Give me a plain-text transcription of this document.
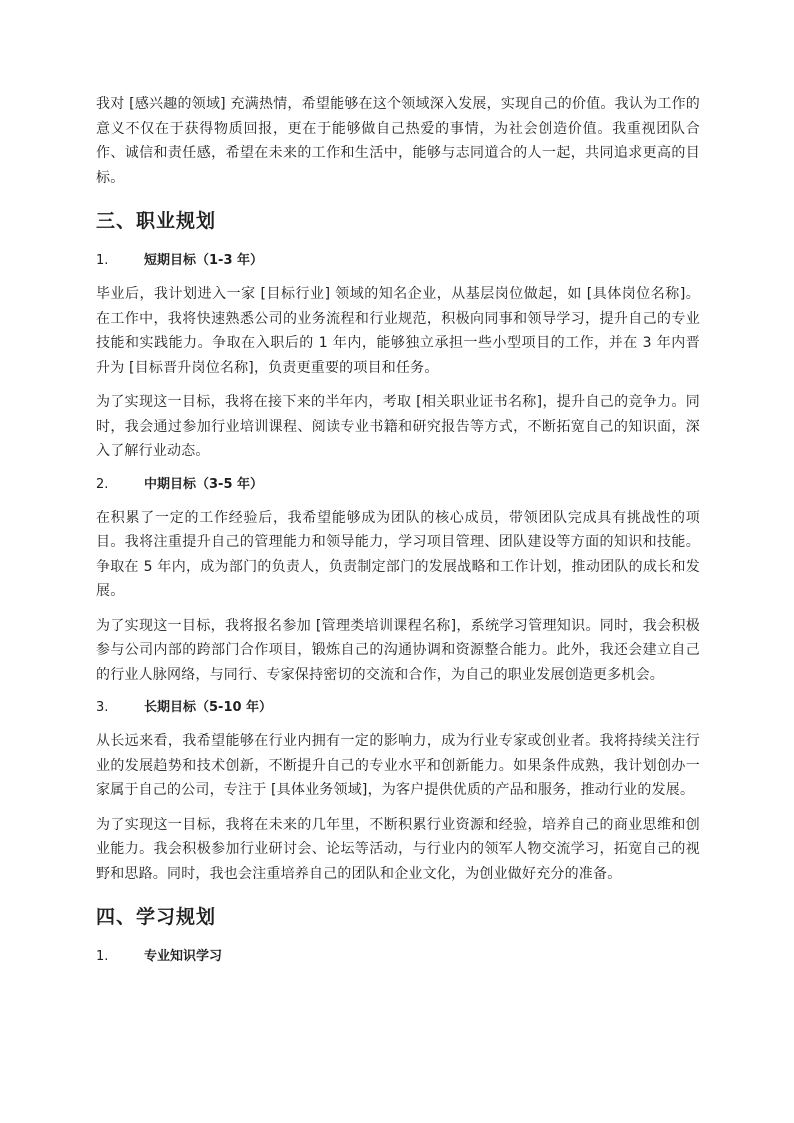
我对 [感兴趣的领域] 充满热情，希望能够在这个领域深入发展，实现自己的价值。我认为工作的意义不仅在于获得物质回报，更在于能够做自己热爱的事情，为社会创造价值。我重视团队合作、诚信和责任感，希望在未来的工作和生活中，能够与志同道合的人一起，共同追求更高的目标。

三、职业规划
1.	短期目标（1-3 年）

毕业后，我计划进入一家 [目标行业] 领域的知名企业，从基层岗位做起，如 [具体岗位名称]。在工作中，我将快速熟悉公司的业务流程和行业规范，积极向同事和领导学习，提升自己的专业技能和实践能力。争取在入职后的 1 年内，能够独立承担一些小型项目的工作，并在 3 年内晋升为 [目标晋升岗位名称]，负责更重要的项目和任务。

为了实现这一目标，我将在接下来的半年内，考取 [相关职业证书名称]，提升自己的竞争力。同时，我会通过参加行业培训课程、阅读专业书籍和研究报告等方式，不断拓宽自己的知识面，深入了解行业动态。

2.	中期目标（3-5 年）

在积累了一定的工作经验后，我希望能够成为团队的核心成员，带领团队完成具有挑战性的项目。我将注重提升自己的管理能力和领导能力，学习项目管理、团队建设等方面的知识和技能。争取在 5 年内，成为部门的负责人，负责制定部门的发展战略和工作计划，推动团队的成长和发展。

为了实现这一目标，我将报名参加 [管理类培训课程名称]，系统学习管理知识。同时，我会积极参与公司内部的跨部门合作项目，锻炼自己的沟通协调和资源整合能力。此外，我还会建立自己的行业人脉网络，与同行、专家保持密切的交流和合作，为自己的职业发展创造更多机会。

3.	长期目标（5-10 年）

从长远来看，我希望能够在行业内拥有一定的影响力，成为行业专家或创业者。我将持续关注行业的发展趋势和技术创新，不断提升自己的专业水平和创新能力。如果条件成熟，我计划创办一家属于自己的公司，专注于 [具体业务领域]，为客户提供优质的产品和服务，推动行业的发展。

为了实现这一目标，我将在未来的几年里，不断积累行业资源和经验，培养自己的商业思维和创业能力。我会积极参加行业研讨会、论坛等活动，与行业内的领军人物交流学习，拓宽自己的视野和思路。同时，我也会注重培养自己的团队和企业文化，为创业做好充分的准备。

四、学习规划
1.	专业知识学习
